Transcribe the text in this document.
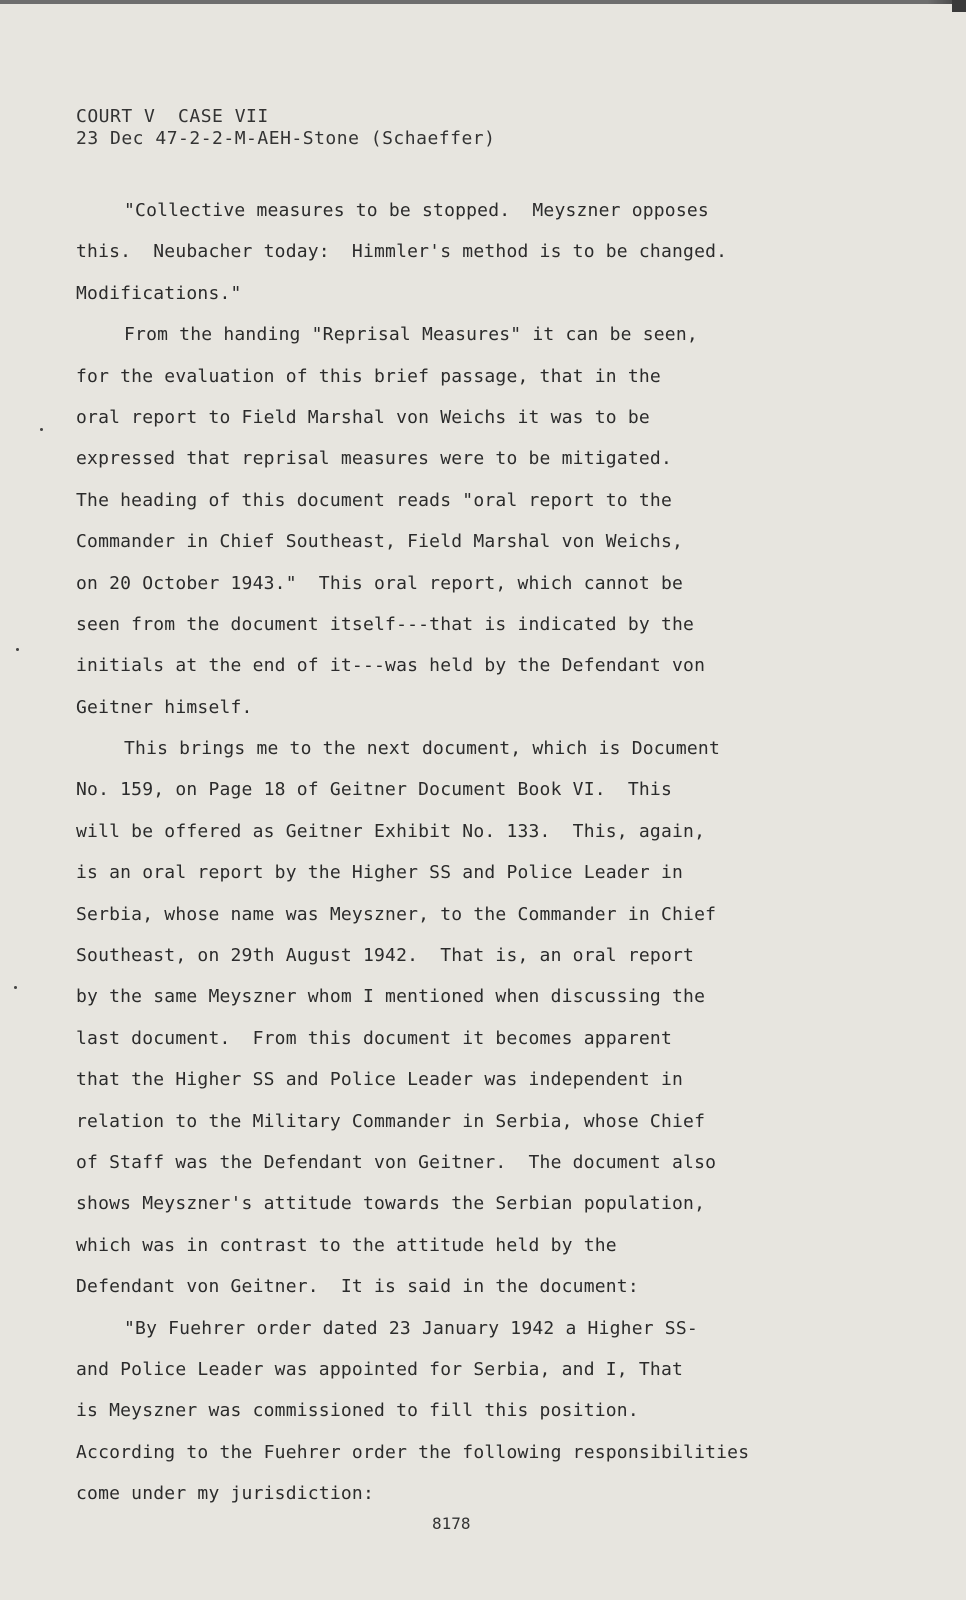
COURT V  CASE VII
23 Dec 47-2-2-M-AEH-Stone (Schaeffer)
"Collective measures to be stopped.  Meyszner opposes
this.  Neubacher today:  Himmler's method is to be changed.
Modifications."
From the handing "Reprisal Measures" it can be seen,
for the evaluation of this brief passage, that in the
oral report to Field Marshal von Weichs it was to be
expressed that reprisal measures were to be mitigated.
The heading of this document reads "oral report to the
Commander in Chief Southeast, Field Marshal von Weichs,
on 20 October 1943."  This oral report, which cannot be
seen from the document itself---that is indicated by the
initials at the end of it---was held by the Defendant von
Geitner himself.
This brings me to the next document, which is Document
No. 159, on Page 18 of Geitner Document Book VI.  This
will be offered as Geitner Exhibit No. 133.  This, again,
is an oral report by the Higher SS and Police Leader in
Serbia, whose name was Meyszner, to the Commander in Chief
Southeast, on 29th August 1942.  That is, an oral report
by the same Meyszner whom I mentioned when discussing the
last document.  From this document it becomes apparent
that the Higher SS and Police Leader was independent in
relation to the Military Commander in Serbia, whose Chief
of Staff was the Defendant von Geitner.  The document also
shows Meyszner's attitude towards the Serbian population,
which was in contrast to the attitude held by the
Defendant von Geitner.  It is said in the document:
"By Fuehrer order dated 23 January 1942 a Higher SS-
and Police Leader was appointed for Serbia, and I, That
is Meyszner was commissioned to fill this position.
According to the Fuehrer order the following responsibilities
come under my jurisdiction:
8178
